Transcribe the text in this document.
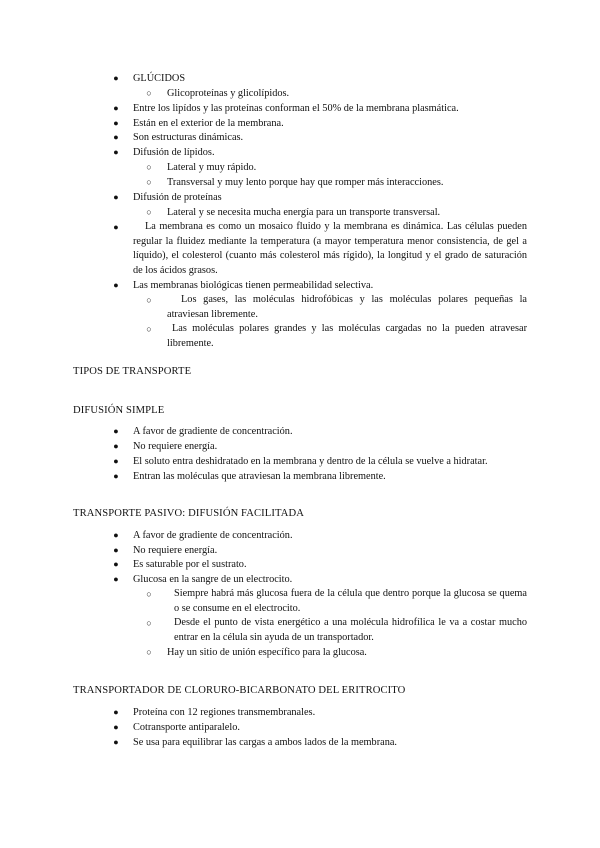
●	GLÚCIDOS
○	Glicoproteínas y glicolípidos.
●	Entre los lipídos y las proteínas conforman el 50% de la membrana plasmática.
●	Están en el exterior de la membrana.
●	Son estructuras dinámicas.
●	Difusión de lípidos.
○	Lateral y muy rápido.
○	Transversal y muy lento porque hay que romper más interacciones.
●	Difusión de proteínas
○	Lateral y se necesita mucha energía para un transporte transversal.
●	La membrana es como un mosaico fluido y la membrana es dinámica. Las células pueden regular la fluidez mediante la temperatura (a mayor temperatura menor consistencia, de gel a líquido), el colesterol (cuanto más colesterol más rígido), la longitud y el grado de saturación de los ácidos grasos.
●	Las membranas biológicas tienen permeabilidad selectiva.
○	Los gases, las moléculas hidrofóbicas y las moléculas polares pequeñas la atraviesan libremente.
○	Las moléculas polares grandes y las moléculas cargadas no la pueden atravesar libremente.
TIPOS DE TRANSPORTE
DIFUSIÓN SIMPLE
●	A favor de gradiente de concentración.
●	No requiere energía.
●	El soluto entra deshidratado en la membrana y dentro de la célula se vuelve a hidratar.
●	Entran las moléculas que atraviesan la membrana libremente.
TRANSPORTE PASIVO: DIFUSIÓN FACILITADA
●	A favor de gradiente de concentración.
●	No requiere energía.
●	Es saturable por el sustrato.
●	Glucosa en la sangre de un electrocito.
○	Siempre habrá más glucosa fuera de la célula que dentro porque la glucosa se quema o se consume en el electrocito.
○	Desde el punto de vista energético a una molécula hidrofílica le va a costar mucho entrar en la célula sin ayuda de un transportador.
○	Hay un sitio de unión específico para la glucosa.
TRANSPORTADOR DE CLORURO-BICARBONATO DEL ERITROCITO
●	Proteína con 12 regiones transmembranales.
●	Cotransporte antiparalelo.
●	Se usa para equilibrar las cargas a ambos lados de la membrana.
